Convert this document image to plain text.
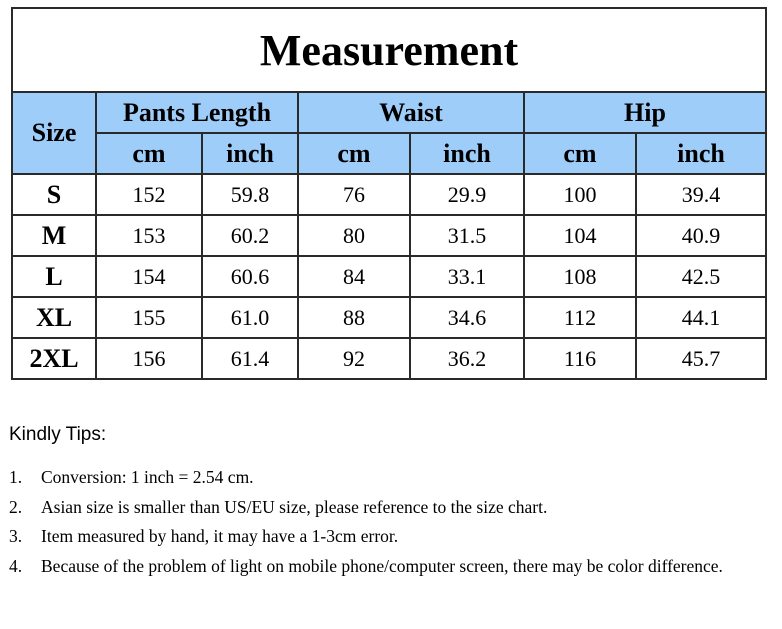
Measurement						
Size	Pants Length		Waist		Hip	
	cm	inch	cm	inch	cm	inch
S	152	59.8	76	29.9	100	39.4
M	153	60.2	80	31.5	104	40.9
L	154	60.6	84	33.1	108	42.5
XL	155	61.0	88	34.6	112	44.1
2XL	156	61.4	92	36.2	116	45.7
Kindly Tips:
1.	Conversion: 1 inch = 2.54 cm.
2.	Asian size is smaller than US/EU size, please reference to the size chart.
3.	Item measured by hand, it may have a 1-3cm error.
4.	Because of the problem of light on mobile phone/computer screen, there may be color difference.
